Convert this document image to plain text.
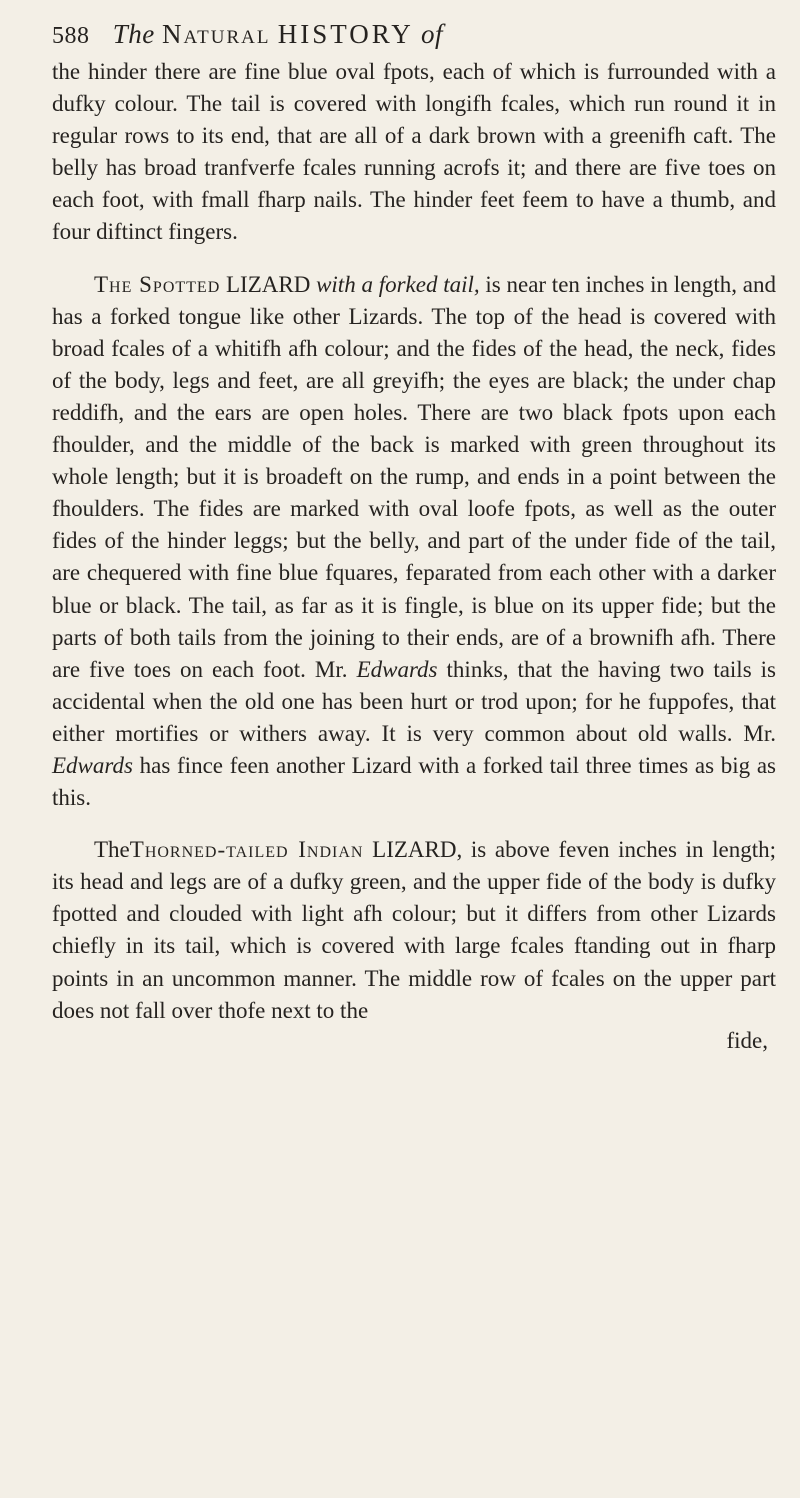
588 The Natural HISTORY of

the hinder there are fine blue oval fpots, each of which is furrounded with a dufky colour. The tail is covered with longifh fcales, which run round it in regular rows to its end, that are all of a dark brown with a greenifh caft. The belly has broad tranfverfe fcales running acrofs it; and there are five toes on each foot, with fmall fharp nails. The hinder feet feem to have a thumb, and four diftinct fingers.

The Spotted LIZARD with a forked tail, is near ten inches in length, and has a forked tongue like other Lizards. The top of the head is covered with broad fcales of a whitifh afh colour; and the fides of the head, the neck, fides of the body, legs and feet, are all greyifh; the eyes are black; the under chap reddifh, and the ears are open holes. There are two black fpots upon each fhoulder, and the middle of the back is marked with green throughout its whole length; but it is broadeft on the rump, and ends in a point between the fhoulders. The fides are marked with oval loofe fpots, as well as the outer fides of the hinder leggs; but the belly, and part of the under fide of the tail, are chequered with fine blue fquares, feparated from each other with a darker blue or black. The tail, as far as it is fingle, is blue on its upper fide; but the parts of both tails from the joining to their ends, are of a brownifh afh. There are five toes on each foot. Mr. Edwards thinks, that the having two tails is accidental when the old one has been hurt or trod upon; for he fuppofes, that either mortifies or withers away. It is very common about old walls. Mr. Edwards has fince feen another Lizard with a forked tail three times as big as this.

TheThorned-tailed Indian LIZARD, is above feven inches in length; its head and legs are of a dufky green, and the upper fide of the body is dufky fpotted and clouded with light afh colour; but it differs from other Lizards chiefly in its tail, which is covered with large fcales ftanding out in fharp points in an uncommon manner. The middle row of fcales on the upper part does not fall over thofe next to the

fide,
